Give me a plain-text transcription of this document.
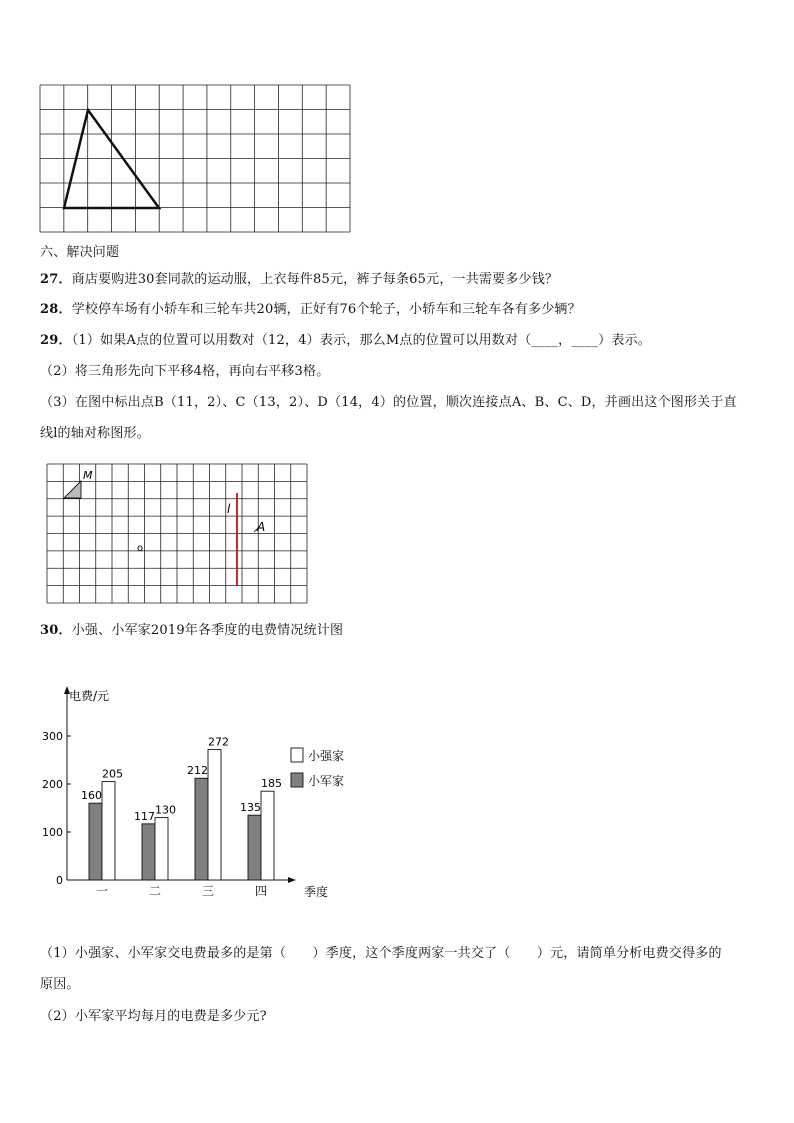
六、解决问题
27．商店要购进30套同款的运动服，上衣每件85元，裤子每条65元，一共需要多少钱？
28．学校停车场有小轿车和三轮车共20辆，正好有76个轮子，小轿车和三轮车各有多少辆？
29．（1）如果A点的位置可以用数对（12，4）表示，那么M点的位置可以用数对（____，____）表示。
（2）将三角形先向下平移4格，再向右平移3格。
（3）在图中标出点B（11，2）、C（13，2）、D（14，4）的位置，顺次连接点A、B、C、D，并画出这个图形关于直
线l的轴对称图形。
M
l
A
o
30．小强、小军家2019年各季度的电费情况统计图
电费/元
季度
0
100
200
300
160
205
一
117 130
二
212
272
三
135
185
四
小强家
小军家
（1）小强家、小军家交电费最多的是第（　　）季度，这个季度两家一共交了（　　）元，请简单分析电费交得多的
原因。
（2）小军家平均每月的电费是多少元?
